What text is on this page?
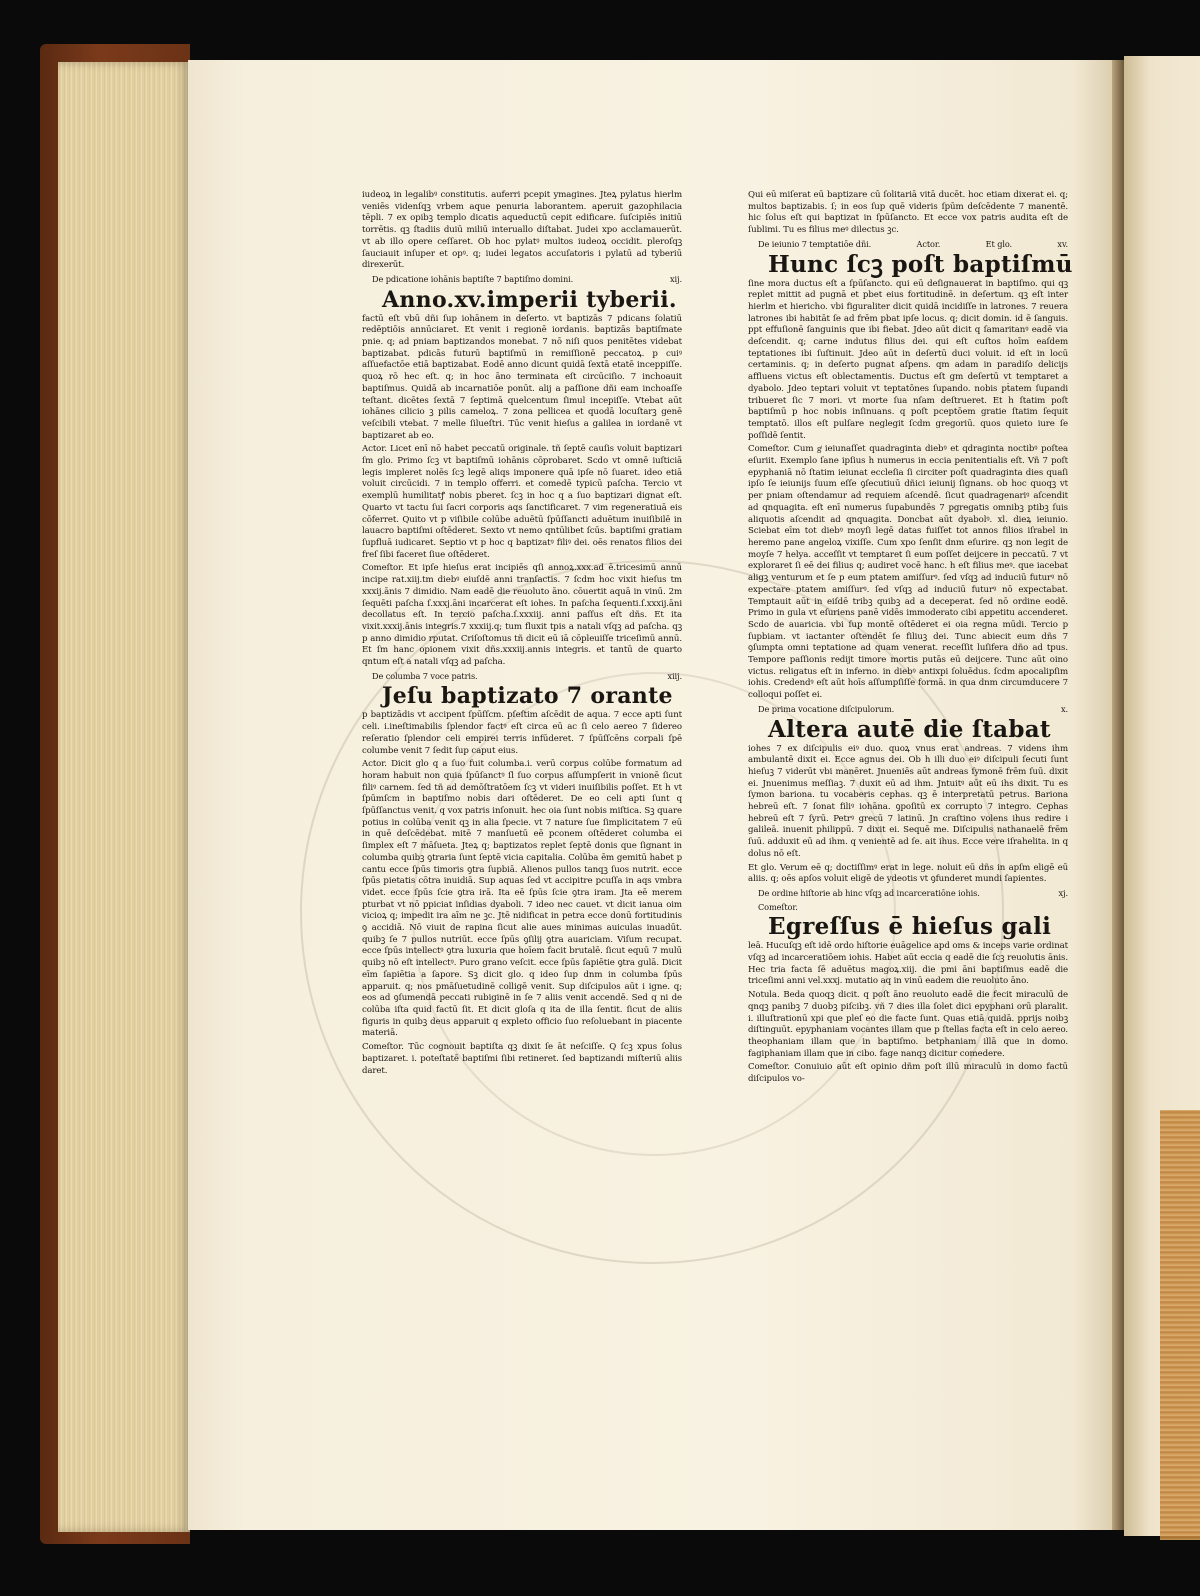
iudeoꝝ in legalibꝰ constitutis. auferri pcepit ymagines. Jteꝝ pylatus hierlm veniēs videnſqꝫ vrbem aque penuria laborantem. aperuit gazophilacia tēpli. 7 ex opibꝫ templo dicatis aqueductū cepit edificare. ſuſcipiēs initiū torrētis. qꝫ ſtadiis duiū miliū interuallo diſtabat. Judei xpo acclamauerūt. vt ab illo opere ceſſaret. Ob hoc pylatꝰ multos iudeoꝝ occidit. pleroſqꝫ ſauciauit inſuper et opꝰ. q; iudei legatos accuſatoris i pylatū ad tyberiū direxerūt.

De pdicatione iohānis baptiſte 7 baptiſmo domini.	xij.
Anno.xv.imperii tyberii.

factū eſt vbū dñi ſup iohānem in deſerto. vt baptizās 7 pdicans ſolatiū redēptiōis annūciaret. Et venit i regionē iordanis. baptizās baptiſmate pnie. q; ad pniam baptizandos monebat. 7 nō niſi quos penitētes videbat baptizabat. pdicās futurū baptiſmū in remiſſionē peccatoꝝ. p cuiꝰ aſſuefactōe etiā baptizabat. Eodē anno dicunt quidā ſextā etatē inceppiſſe. quoꝝ rō hec eſt. q; in hoc āno terminata eſt circūciſio. 7 inchoauit baptiſmus. Quidā ab incarnatiōe ponūt. alij a paſſione dñi eam inchoaſſe teſtant. dicētes ſextā 7 ſeptimā quelcentum ſimul incepiſſe. Vtebat aūt iohānes cilicio ꝫ pilis cameloꝝ. 7 zona pellicea et quodā locuſtarꝫ genē veſcibili vtebat. 7 melle ſilueſtri. Tūc venit hieſus a galilea in iordanē vt baptizaret ab eo.

Actor. Licet enī nō habet peccatū originale. tñ ſeptē cauſis voluit baptizari ſm glo. Primo ſcꝫ vt baptiſmū iohānis cōprobaret. Scdo vt omnē iuſticiā legis impleret nolēs ſcꝫ legē aliqs imponere quā ipſe nō ſuaret. ideo etiā voluit circūcidi. 7 in templo offerri. et comedē typicū paſcha. Tercio vt exemplū humilitatꝭ nobis pberet. ſcꝫ in hoc q a ſuo baptizari dignat eſt. Quarto vt tactu ſui ſacri corporis aqs ſanctificaret. 7 vim regeneratiuā eis cōferret. Quito vt p viſibile colūbe aduētū ſpūſſancti aduētum inuiſibilē in lauacro baptiſmi oſtēderet. Sexto vt nemo qntūlibet ſcūs. baptiſmi gratiam ſupfluā iudicaret. Septio vt p hoc q baptizatꝰ filiꝰ dei. oēs renatos filios dei freſ ſibi faceret ſiue oſtēderet.

Comeſtor. Et ipſe hieſus erat incipiēs qſi annoꝝ.xxx.ad ē.tricesimū annū incipe rat.xiij.tm diebꝰ eiuſdē anni tranſactis. 7 ſcdm hoc vixit hieſus tm xxxij.ānis 7 dimidio. Nam eadē die reuoluto āno. cōuertit aquā in vinū. 2m ſequēti paſcha ſ.xxxj.āni incarcerat eſt iohes. In paſcha ſequenti.ſ.xxxij.āni decollatus eſt. In tercio paſcha.ſ.xxxiij. anni paſſus eſt dñs. Et ita vixit.xxxij.ānis integris.7 xxxiij.q; tum fluxit tpis a natali vſqꝫ ad paſcha. qꝫ p anno dimidio rputat. Criſoſtomus tñ dicit eū iā cōpleuiſſe triceſimū annū. Et ſm hanc opionem vixit dñs.xxxiij.annis integris. et tantū de quarto qntum eſt a natali vſqꝫ ad paſcha.

De columba 7 voce patris.	xiij.
Jeſu baptizato 7 orante

p baptizādis vt accipent ſpūſſcm. pſeſtim aſcēdit de aqua. 7 ecce apti ſunt celi. i.ineſtimabilis ſplendor factꝰ eſt circa eū ac ſi celo aereo 7 ſidereo reſeratio ſplendor celi empirei terris infūderet. 7 ſpūſſcēns corpali ſpē columbe venit 7 ſedit ſup caput eius.

Actor. Dicit glo q a ſuo fuit columba.i. verū corpus colūbe formatum ad horam habuit non quia ſpūſanctꝰ ſl ſuo corpus aſſumpſerit in vnionē ſicut filiꝰ carnem. ſed tñ ad demōſtratōem ſcꝫ vt videri inuiſibilis poſſet. Et h vt ſpūmſcm in baptiſmo nobis dari oſtēderet. De eo celi apti ſunt q ſpūſſanctus venit. q vox patris inſonuit. hec oia ſunt nobis miſtica. Sꝫ quare potius in colūba venit qꝫ in alia ſpecie. vt 7 nature ſue ſimplicitatem 7 eū in quē deſcēdebat. mitē 7 manſuetū eē pconem oſtēderet columba ei ſimplex eſt 7 māſueta. Jteꝝ q; baptizatos replet ſeptē donis que ſignant in columba quibꝫ ꝯtraria ſunt ſeptē vicia capitalia. Colūba ēm gemitū habet p cantu ecce ſpūs timoris ꝯtra ſupbiā. Alienos pullos tanqꝫ ſuos nutrit. ecce ſpūs pietatis cōtra inuidiā. Sup aquas ſed vt accipitre pcuſſa in aqs vmbra videt. ecce ſpūs ſcie ꝯtra irā. Ita eē ſpūs ſcie ꝯtra iram. Jta eē merem pturbat vt nō ppiciat inſidias dyaboli. 7 ideo nec cauet. vt dicit ianua oim vicioꝝ q; impedit ira aīm ne ꝫc. Jtē nidificat in petra ecce donū fortitudinis ꝯ accidiā. Nō viuit de rapina ſicut alie aues minimas auiculas inuadūt. quibꝫ ſe 7 pullos nutriūt. ecce ſpūs ꝯſilij ꝯtra auariciam. Viſum recupat. ecce ſpūs intellectꝰ ꝯtra luxuria que hoīem facit brutalē. ſicut equū 7 mulū quibꝫ nō eſt intellectꝰ. Puro grano veſcit. ecce ſpūs ſapiētie ꝯtra gulā. Dicit eīm ſapiētia a ſapore. Sꝫ dicit glo. q ideo ſup dnm in columba ſpūs apparuit. q; nos pmāſuetudinē colligē venit. Sup diſcipulos aūt i igne. q; eos ad ꝯſumendā peccati rubiginē in ſe 7 aliis venit accendē. Sed q ni de colūba iſta quid factū ſit. Et dicit gloſa q ita de illa ſentit. ſicut de aliis figuris in quibꝫ deus apparuit q expleto officio ſuo reſoluebant in piacente materiā.

Comeſtor. Tūc cognouit baptiſta qꝫ dixit ſe āt neſciſſe. Q ſcꝫ xpus ſolus baptizaret. i. poteſtatē baptiſmi ſibi retineret. ſed baptizandi miſteriū aliis daret.

Qui eū miſerat eū baptizare cū ſolitariā vitā ducēt. hoc etiam dixerat ei. q; multos baptizabis. ſ; in eos ſup quē videris ſpūm deſcēdente 7 manentē. hic ſolus eſt qui baptizat in ſpūſancto. Et ecce vox patris audita eſt de ſublimi. Tu es filius meꝰ dilectus ꝫc.

De ieiunio 7 temptatiōe dñi.	Actor.	Et glo.	xv.
Hunc ſcꝫ poſt baptiſmū

ſine mora ductus eſt a ſpūſancto. qui eū deſignauerat in baptiſmo. qui qꝫ replet mittit ad pugnā et pbet eius fortitudinē. in deſertum. qꝫ eſt inter hierlm et hiericho. vbi figuraliter dicit quidā incidiſſe in latrones. 7 reuera latrones ibi habitāt ſe ad frēm pbat ipſe locus. q; dicit domin. id ē ſanguis. ppt effuſionē ſanguinis que ibi fiebat. Jdeo aūt dicit q ſamaritanꝰ eadē via deſcendit. q; carne indutus filius dei. qui eſt cuſtos hoīm eaſdem teptationes ibi ſuſtinuit. Jdeo aūt in deſertū duci voluit. id eſt in locū certaminis. q; in deſerto pugnat aſpens. qm adam in paradiſo delicijs affluens victus eſt oblectamentis. Ductus eſt gm deſertū vt temptaret a dyabolo. Jdeo teptari voluit vt teptatōnes ſupando. nobis pṫatem ſupandi tribueret ſic 7 mori. vt morte ſua nſam deſtrueret. Et h ſtatim poſt baptiſmū p hoc nobis inſinuans. q poſt pceptōem gratie ſtatim ſequit temptatō. illos eſt pulſare neglegit ſcdm gregoriū. quos quieto iure ſe poſſidē ſentit.

Comeſtor. Cum gͥ ieiunaſſet quadraginta diebꝰ et qdraginta noctibꝰ poſtea eſuriit. Exemplo ſane ipſius h numerus in eccia penitentialis eſt. Vñ 7 poſt epyphaniā nō ſtatim ieiunat eccleſia ſi circiter poſt quadraginta dies quaſi ipſo ſe ieiunijs ſuum eſſe ꝯſecutiuū dñici ieiunij ſignans. ob hoc quoqꝫ vt per pniam oſtendamur ad requiem aſcendē. ſicut quadragenariꝰ aſcendit ad qnquagita. eſt enī numerus ſupabundēs 7 pgregatis omnibꝫ ptibꝫ ſuis aliquotis aſcendit ad qnquagita. Doncbat aūt dyabolꝰ. xl. dieꝝ ieiunio. Sciebat eīm tot diebꝰ moyſi legē datas fuiſſet tot annos filios iſrabel in heremo pane angeloꝝ vixiſſe. Cum xpo ſenſit dnm eſurire. qꝫ non legit de moyſe 7 helya. acceſſit vt temptaret ſi eum poſſet deijcere in peccatū. 7 vt exploraret ſi eē dei filius q; audiret vocē hanc. h eſt filius meꝰ. que iacebat aligꝫ venturum et ſe p eum ptatem amiſſurꝰ. ſed vſqꝫ ad induciū futurꝰ nō expectare ptatem amiſſurꝰ. ſed vſqꝫ ad induciū futurꝰ nō expectabat. Temptauit aūt in eiſdē tribꝫ quibꝫ ad a deceperat. ſed nō ordine eodē. Primo in gula vt eſuriens panē vidēs immoderato cibi appetitu accenderet. Scdo de auaricia. vbi ſup montē oſtēderet ei oia regna mūdi. Tercio p ſupbiam. vt iactanter oſtendēt ſe filiuꝫ dei. Tunc abiecit eum dñs 7 ꝯſumpta omni teptatione ad quam venerat. receſſit luſifera dño ad tpus. Tempore paſſionis redijt timore mortis putās eū deijcere. Tunc aūt oino victus. religatus eſt in inferno. in diebꝰ antixpi ſoluēdus. ſcdm apocalipſim iohis. Credendꝰ eſt aūt hoīs aſſumpſiſſe formā. in qua dnm circumducere 7 colloqui poſſet ei.

De prima vocatione diſcipulorum.	x.
Altera autē die ſtabat

iohes 7 ex diſcipulis eiꝰ duo. quoꝝ vnus erat andreas. 7 videns ihm ambulantē dixit ei. Ecce agnus dei. Ob h illi duo eiꝰ diſcipuli ſecuti ſunt hieſuꝫ 7 viderūt vbi manēret. Jnueniēs aūt andreas ſymonē frēm ſuū. dixit ei. Jnuenimus meſſiaꝫ. 7 duxit eū ad ihm. Jntuitꝰ aūt eū ihs dixit. Tu es ſymon bariona. tu vocaberis cephas. qꝫ ē interpretatū petrus. Bariona hebreū eſt. 7 ſonat filiꝰ iohāna. ꝯpoſitū ex corrupto 7 integro. Cephas hebreū eſt 7 ſyrū. Petrꝰ grecū 7 latinū. Jn craſtino volens ihus redire i galileā. inuenit philippū. 7 dixit ei. Sequē me. Diſcipulis nathanaelē frēm ſuū. adduxit eū ad ihm. q venientē ad ſe. ait ihus. Ecce vere iſrahelita. in q dolus nō eſt.

Et glo. Verum eē q; doctiſſimꝰ erat in lege. noluit eū dñs in apſm eligē eū aliis. q; oēs apſos voluit eligē de ydeotis vt ꝯfunderet mundi ſapientes.

De ordine hiſtorie ab hinc vſqꝫ ad incarceratiōne iohis.	xj.
Comeſtor.
Egreſſus ē hieſus gali

leā. Hucuſqꝫ eſt idē ordo hiſtorie euāgelice apd oms & inceps varie ordinat vſqꝫ ad incarceratiōem iohis. Habet aūt eccia q eadē die ſcꝫ reuolutis ānis. Hec tria facta ſē aduētus magoꝝ.xiij. die pmi āni baptiſmus eadē die triceſimi anni vel.xxxj. mutatio aq in vinū eadem die reuoluto āno.

Notula. Beda quoqꝫ dicit. q poſt āno reuoluto eadē die fecit miraculū de qnqꝫ panibꝫ 7 duobꝫ piſcibꝫ. vñ 7 dies illa ſolet dici epyphani orū plaralit. i. illuſtrationū xpi que pleſ eo die facte ſunt. Quas etiā quidā. pprijs noibꝫ diſtinguūt. epyphaniam vocantes illam que p ſtellas facta eſt in celo aereo. theophaniam illam que in baptiſmo. betphaniam illā que in domo. fagiphaniam illam que in cibo. fage nanqꝫ dicitur comedere.

Comeſtor. Conuiuio aūt eſt opinio dñm poſt illū miraculū in domo factū diſcipulos vo-
